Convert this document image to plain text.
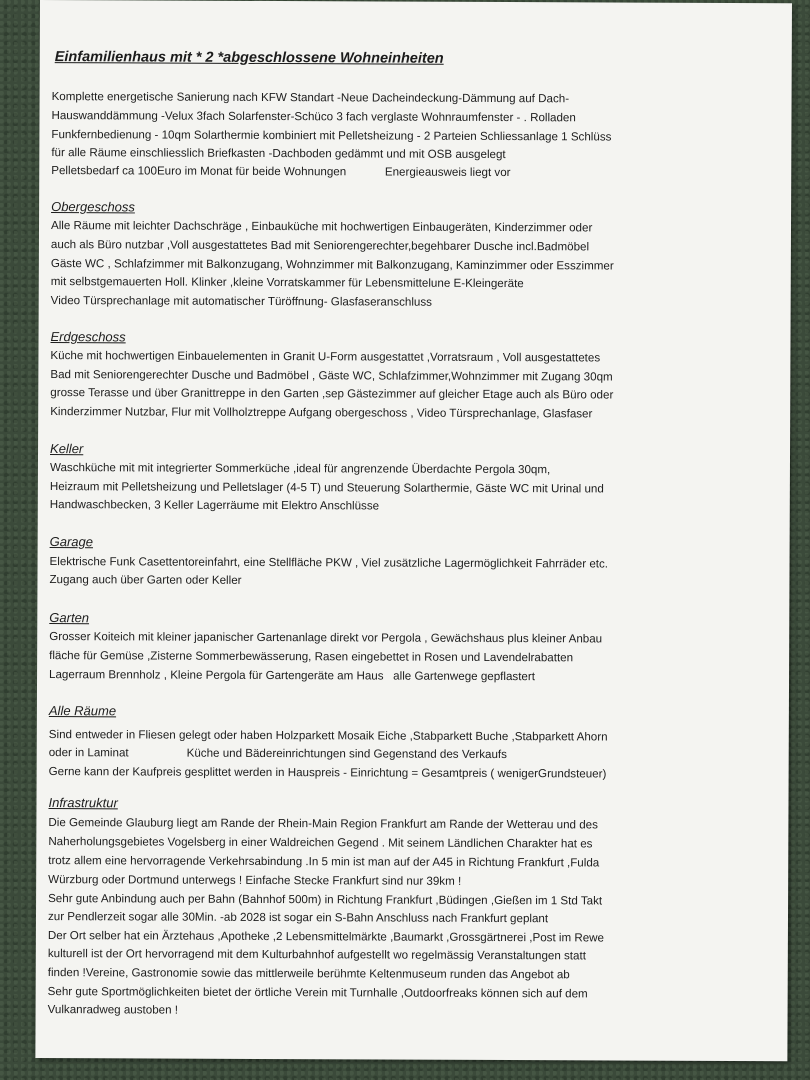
Einfamilienhaus mit * 2 *abgeschlossene Wohneinheiten
Komplette energetische Sanierung nach KFW Standart -Neue Dacheindeckung-Dämmung auf Dach-
Hauswanddämmung -Velux 3fach Solarfenster-Schüco 3 fach verglaste Wohnraumfenster - . Rolladen
Funkfernbedienung - 10qm Solarthermie kombiniert mit Pelletsheizung - 2 Parteien Schliessanlage 1 Schlüss
für alle Räume einschliesslich Briefkasten -Dachboden gedämmt und mit OSB ausgelegt
Pelletsbedarf ca 100Euro im Monat für beide Wohnungen            Energieausweis liegt vor
Obergeschoss
Alle Räume mit leichter Dachschräge , Einbauküche mit hochwertigen Einbaugeräten, Kinderzimmer oder
auch als Büro nutzbar ,Voll ausgestattetes Bad mit Seniorengerechter,begehbarer Dusche incl.Badmöbel
Gäste WC , Schlafzimmer mit Balkonzugang, Wohnzimmer mit Balkonzugang, Kaminzimmer oder Esszimmer
mit selbstgemauerten Holl. Klinker ,kleine Vorratskammer für Lebensmittelune E-Kleingeräte
Video Türsprechanlage mit automatischer Türöffnung- Glasfaseranschluss
Erdgeschoss
Küche mit hochwertigen Einbauelementen in Granit U-Form ausgestattet ,Vorratsraum , Voll ausgestattetes
Bad mit Seniorengerechter Dusche und Badmöbel , Gäste WC, Schlafzimmer,Wohnzimmer mit Zugang 30qm
grosse Terasse und über Granittreppe in den Garten ,sep Gästezimmer auf gleicher Etage auch als Büro oder
Kinderzimmer Nutzbar, Flur mit Vollholztreppe Aufgang obergeschoss , Video Türsprechanlage, Glasfaser
Keller
Waschküche mit mit integrierter Sommerküche ,ideal für angrenzende Überdachte Pergola 30qm,
Heizraum mit Pelletsheizung und Pelletslager (4-5 T) und Steuerung Solarthermie, Gäste WC mit Urinal und
Handwaschbecken, 3 Keller Lagerräume mit Elektro Anschlüsse
Garage
Elektrische Funk Casettentoreinfahrt, eine Stellfläche PKW , Viel zusätzliche Lagermöglichkeit Fahrräder etc.
Zugang auch über Garten oder Keller
Garten
Grosser Koiteich mit kleiner japanischer Gartenanlage direkt vor Pergola , Gewächshaus plus kleiner Anbau
fläche für Gemüse ,Zisterne Sommerbewässerung, Rasen eingebettet in Rosen und Lavendelrabatten
Lagerraum Brennholz , Kleine Pergola für Gartengeräte am Haus   alle Gartenwege gepflastert
Alle Räume
Sind entweder in Fliesen gelegt oder haben Holzparkett Mosaik Eiche ,Stabparkett Buche ,Stabparkett Ahorn
oder in Laminat                  Küche und Bädereinrichtungen sind Gegenstand des Verkaufs
Gerne kann der Kaufpreis gesplittet werden in Hauspreis - Einrichtung = Gesamtpreis ( wenigerGrundsteuer)
Infrastruktur
Die Gemeinde Glauburg liegt am Rande der Rhein-Main Region Frankfurt am Rande der Wetterau und des
Naherholungsgebietes Vogelsberg in einer Waldreichen Gegend . Mit seinem Ländlichen Charakter hat es
trotz allem eine hervorragende Verkehrsabindung .In 5 min ist man auf der A45 in Richtung Frankfurt ,Fulda
Würzburg oder Dortmund unterwegs ! Einfache Stecke Frankfurt sind nur 39km !
Sehr gute Anbindung auch per Bahn (Bahnhof 500m) in Richtung Frankfurt ,Büdingen ,Gießen im 1 Std Takt
zur Pendlerzeit sogar alle 30Min. -ab 2028 ist sogar ein S-Bahn Anschluss nach Frankfurt geplant
Der Ort selber hat ein Ärztehaus ,Apotheke ,2 Lebensmittelmärkte ,Baumarkt ,Grossgärtnerei ,Post im Rewe
kulturell ist der Ort hervorragend mit dem Kulturbahnhof aufgestellt wo regelmässig Veranstaltungen statt
finden !Vereine, Gastronomie sowie das mittlerweile berühmte Keltenmuseum runden das Angebot ab
Sehr gute Sportmöglichkeiten bietet der örtliche Verein mit Turnhalle ,Outdoorfreaks können sich auf dem
Vulkanradweg austoben !
